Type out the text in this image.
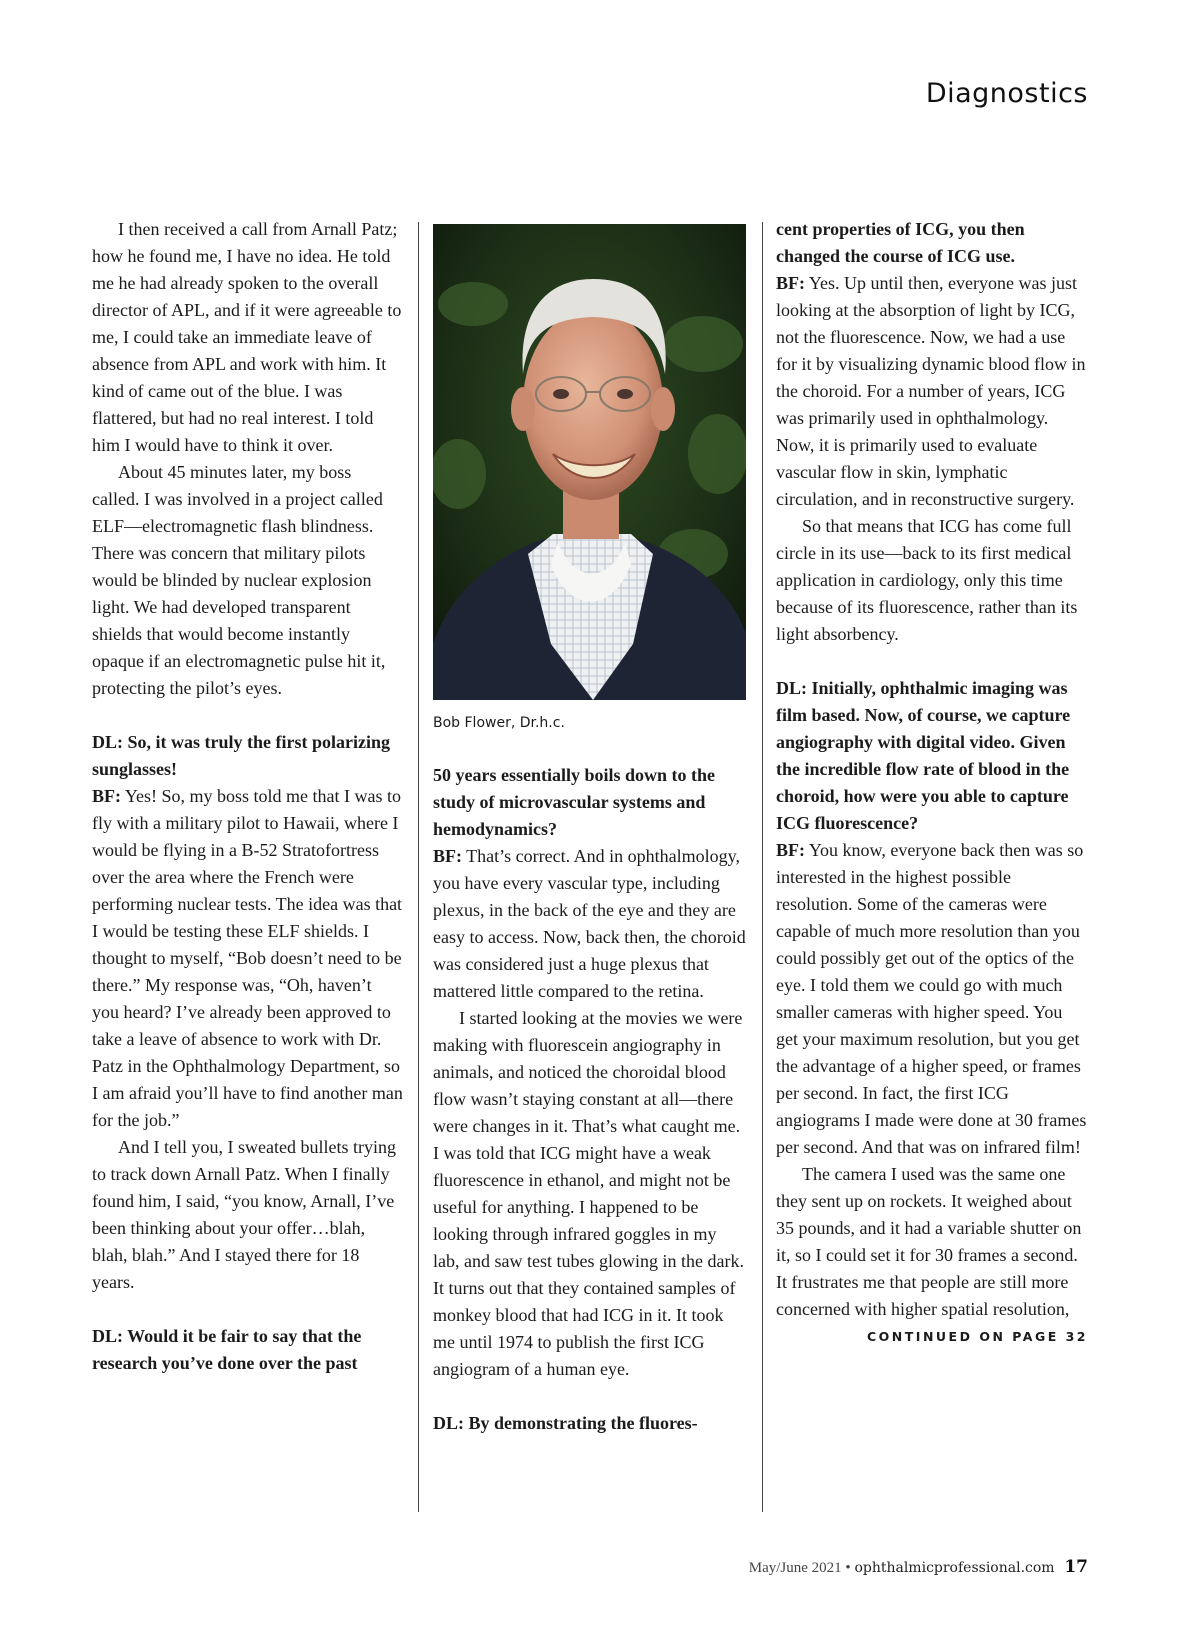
Diagnostics

I then received a call from Arnall Patz; how he found me, I have no idea. He told me he had already spoken to the overall director of APL, and if it were agreeable to me, I could take an immediate leave of absence from APL and work with him. It kind of came out of the blue. I was flattered, but had no real interest. I told him I would have to think it over.

About 45 minutes later, my boss called. I was involved in a project called ELF—electromagnetic flash blindness. There was concern that military pilots would be blinded by nuclear explosion light. We had developed transparent shields that would become instantly opaque if an electromagnetic pulse hit it, protecting the pilot’s eyes.

DL: So, it was truly the first polarizing sunglasses!

BF: Yes! So, my boss told me that I was to fly with a military pilot to Hawaii, where I would be flying in a B-52 Stratofortress over the area where the French were performing nuclear tests. The idea was that I would be testing these ELF shields. I thought to myself, “Bob doesn’t need to be there.” My response was, “Oh, haven’t you heard? I’ve already been approved to take a leave of absence to work with Dr. Patz in the Ophthalmology Department, so I am afraid you’ll have to find another man for the job.”

And I tell you, I sweated bullets trying to track down Arnall Patz. When I finally found him, I said, “you know, Arnall, I’ve been thinking about your offer…blah, blah, blah.” And I stayed there for 18 years.

DL: Would it be fair to say that the research you’ve done over the past

Bob Flower, Dr.h.c.

50 years essentially boils down to the study of microvascular systems and hemodynamics?

BF: That’s correct. And in ophthalmology, you have every vascular type, including plexus, in the back of the eye and they are easy to access. Now, back then, the choroid was considered just a huge plexus that mattered little compared to the retina.

I started looking at the movies we were making with fluorescein angiography in animals, and noticed the choroidal blood flow wasn’t staying constant at all—there were changes in it. That’s what caught me. I was told that ICG might have a weak fluorescence in ethanol, and might not be useful for anything. I happened to be looking through infrared goggles in my lab, and saw test tubes glowing in the dark. It turns out that they contained samples of monkey blood that had ICG in it. It took me until 1974 to publish the first ICG angiogram of a human eye.

DL: By demonstrating the fluores-

cent properties of ICG, you then changed the course of ICG use.

BF: Yes. Up until then, everyone was just looking at the absorption of light by ICG, not the fluorescence. Now, we had a use for it by visualizing dynamic blood flow in the choroid. For a number of years, ICG was primarily used in ophthalmology. Now, it is primarily used to evaluate vascular flow in skin, lymphatic circulation, and in reconstructive surgery.

So that means that ICG has come full circle in its use—back to its first medical application in cardiology, only this time because of its fluorescence, rather than its light absorbency.

DL: Initially, ophthalmic imaging was film based. Now, of course, we capture angiography with digital video. Given the incredible flow rate of blood in the choroid, how were you able to capture ICG fluorescence?

BF: You know, everyone back then was so interested in the highest possible resolution. Some of the cameras were capable of much more resolution than you could possibly get out of the optics of the eye. I told them we could go with much smaller cameras with higher speed. You get your maximum resolution, but you get the advantage of a higher speed, or frames per second. In fact, the first ICG angiograms I made were done at 30 frames per second. And that was on infrared film!

The camera I used was the same one they sent up on rockets. It weighed about 35 pounds, and it had a variable shutter on it, so I could set it for 30 frames a second. It frustrates me that people are still more concerned with higher spatial resolution,

CONTINUED ON PAGE 32
May/June 2021 • ophthalmicprofessional.com 17
